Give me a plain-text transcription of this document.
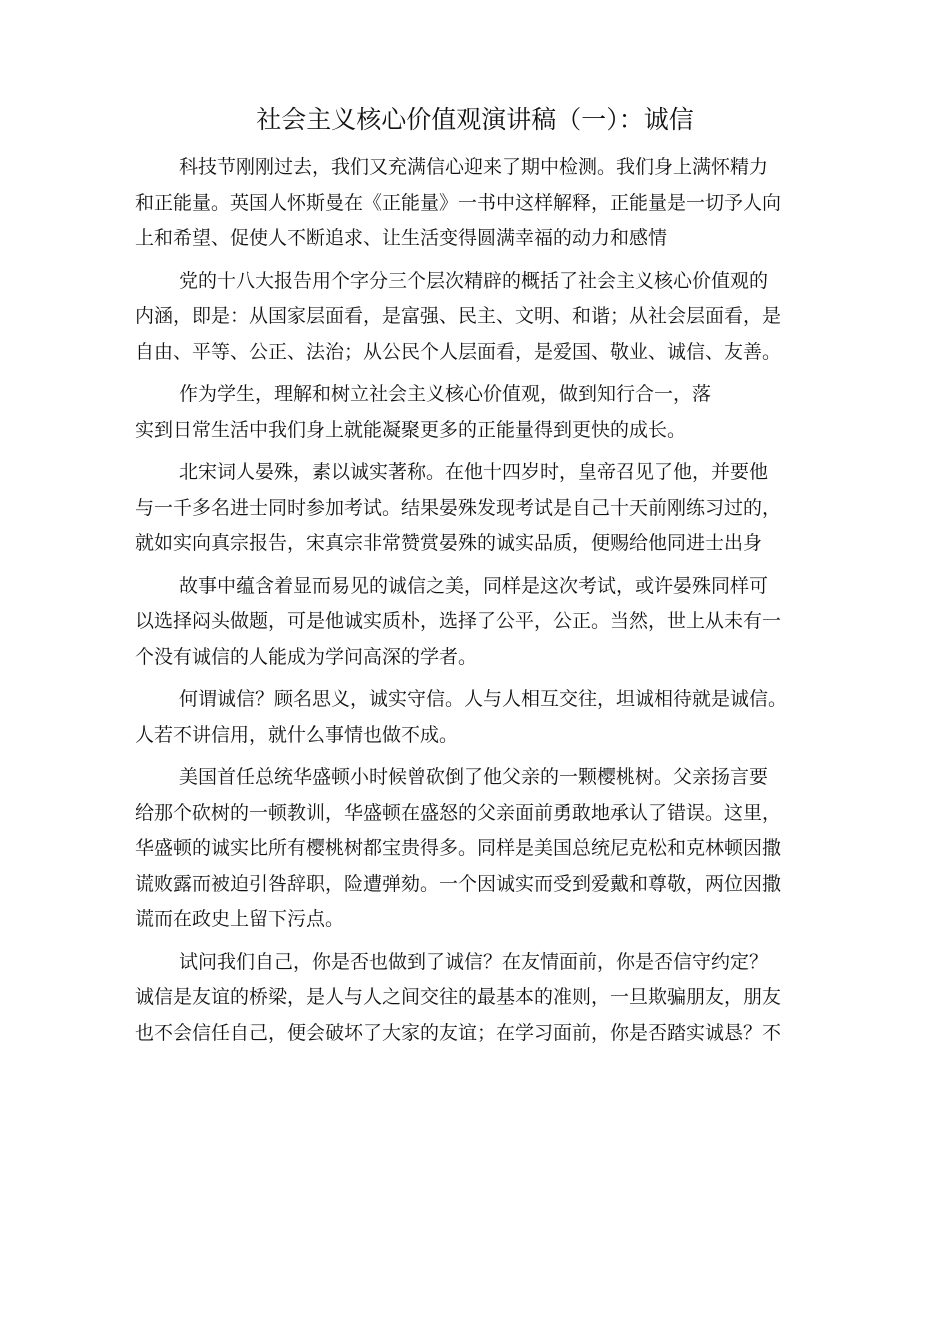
社会主义核心价值观演讲稿（一）：诚信

科技节刚刚过去，我们又充满信心迎来了期中检测。我们身上满怀精力
和正能量。英国人怀斯曼在《正能量》一书中这样解释，正能量是一切予人向
上和希望、促使人不断追求、让生活变得圆满幸福的动力和感情

党的十八大报告用个字分三个层次精辟的概括了社会主义核心价值观的
内涵，即是：从国家层面看，是富强、民主、文明、和谐；从社会层面看，是
自由、平等、公正、法治；从公民个人层面看，是爱国、敬业、诚信、友善。

作为学生，理解和树立社会主义核心价值观，做到知行合一，落
实到日常生活中我们身上就能凝聚更多的正能量得到更快的成长。

北宋词人晏殊，素以诚实著称。在他十四岁时，皇帝召见了他，并要他
与一千多名进士同时参加考试。结果晏殊发现考试是自己十天前刚练习过的，
就如实向真宗报告，宋真宗非常赞赏晏殊的诚实品质，便赐给他同进士出身

故事中蕴含着显而易见的诚信之美，同样是这次考试，或许晏殊同样可
以选择闷头做题，可是他诚实质朴，选择了公平，公正。当然，世上从未有一
个没有诚信的人能成为学问高深的学者。

何谓诚信？顾名思义，诚实守信。人与人相互交往，坦诚相待就是诚信。
人若不讲信用，就什么事情也做不成。

美国首任总统华盛顿小时候曾砍倒了他父亲的一颗樱桃树。父亲扬言要
给那个砍树的一顿教训，华盛顿在盛怒的父亲面前勇敢地承认了错误。这里，
华盛顿的诚实比所有樱桃树都宝贵得多。同样是美国总统尼克松和克林顿因撒
谎败露而被迫引咎辞职，险遭弹劾。一个因诚实而受到爱戴和尊敬，两位因撒
谎而在政史上留下污点。

试问我们自己，你是否也做到了诚信？在友情面前，你是否信守约定？
诚信是友谊的桥梁，是人与人之间交往的最基本的准则，一旦欺骗朋友，朋友
也不会信任自己，便会破坏了大家的友谊；在学习面前，你是否踏实诚恳？不
